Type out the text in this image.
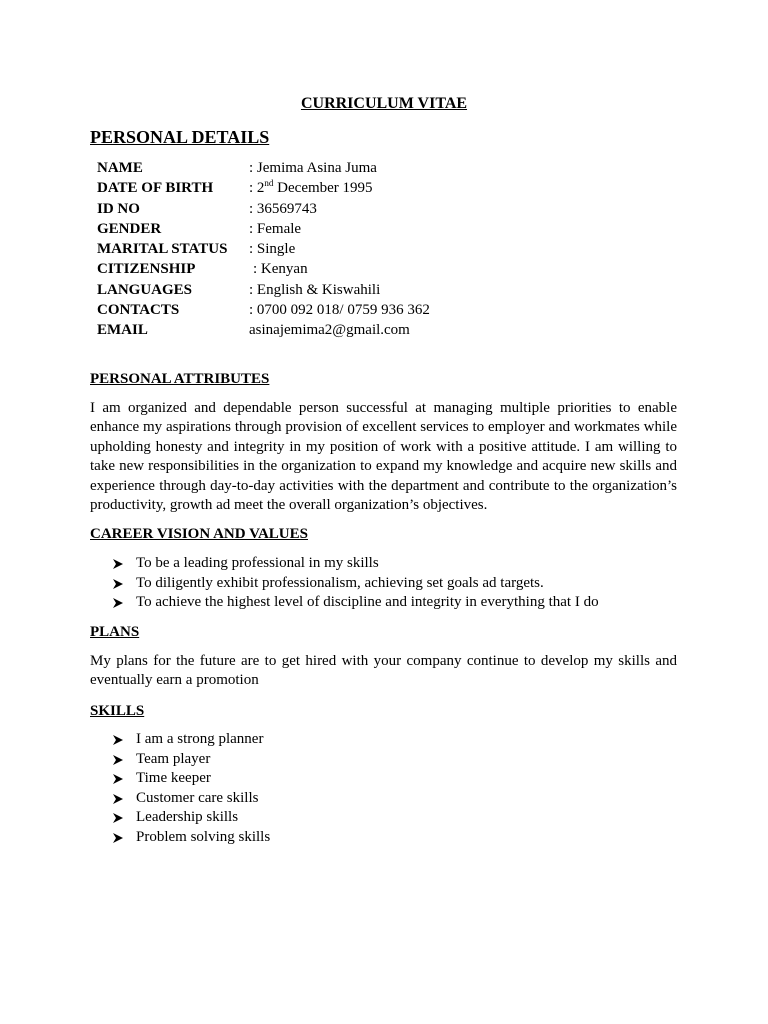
CURRICULUM VITAE
PERSONAL DETAILS
NAME	: Jemima Asina Juma
DATE OF BIRTH : 2nd December 1995
ID NO	: 36569743
GENDER	: Female
MARITAL STATUS : Single
CITIZENSHIP	: Kenyan
LANGUAGES	: English & Kiswahili
CONTACTS	: 0700 092 018/ 0759 936 362
EMAIL	asinajemima2@gmail.com
PERSONAL ATTRIBUTES

I am organized and dependable person successful at managing multiple priorities to enable enhance my aspirations through provision of excellent services to employer and workmates while upholding honesty and integrity in my position of work with a positive attitude. I am willing to take new responsibilities in the organization to expand my knowledge and acquire new skills and experience through day-to-day activities with the department and contribute to the organization’s productivity, growth ad meet the overall organization’s objectives.

CAREER VISION AND VALUES
To be a leading professional in my skills
To diligently exhibit professionalism, achieving set goals ad targets.
To achieve the highest level of discipline and integrity in everything that I do
PLANS

My plans for the future are to get hired with your company continue to develop my skills and eventually earn a promotion

SKILLS
I am a strong planner
Team player
Time keeper
Customer care skills
Leadership skills
Problem solving skills
